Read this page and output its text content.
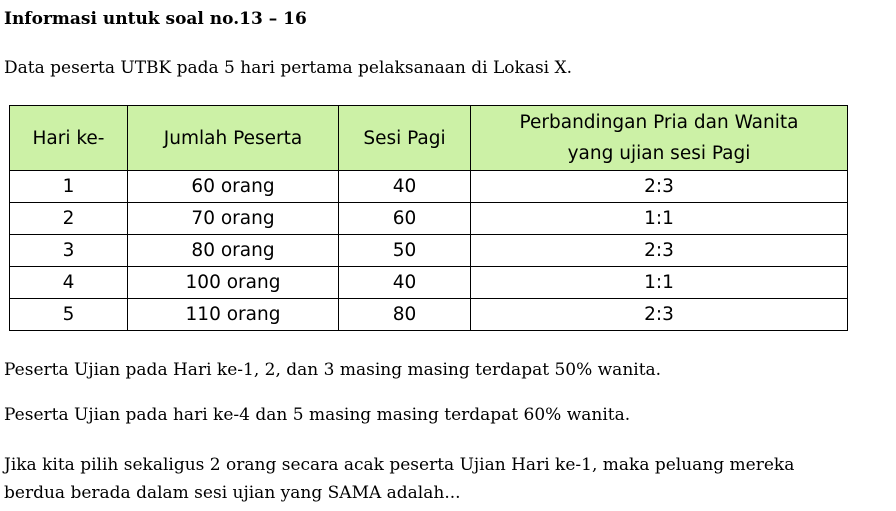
Informasi untuk soal no.13 – 16
Data peserta UTBK pada 5 hari pertama pelaksanaan di Lokasi X.
Hari ke-	Jumlah Peserta	Sesi Pagi	Perbandingan Pria dan Wanita
yang ujian sesi Pagi

1	60 orang	40	2:3
2	70 orang	60	1:1
3	80 orang	50	2:3
4	100 orang	40	1:1
5	110 orang	80	2:3
Peserta Ujian pada Hari ke-1, 2, dan 3 masing masing terdapat 50% wanita.
Peserta Ujian pada hari ke-4 dan 5 masing masing terdapat 60% wanita.
Jika kita pilih sekaligus 2 orang secara acak peserta Ujian Hari ke-1, maka peluang mereka
berdua berada dalam sesi ujian yang SAMA adalah...
